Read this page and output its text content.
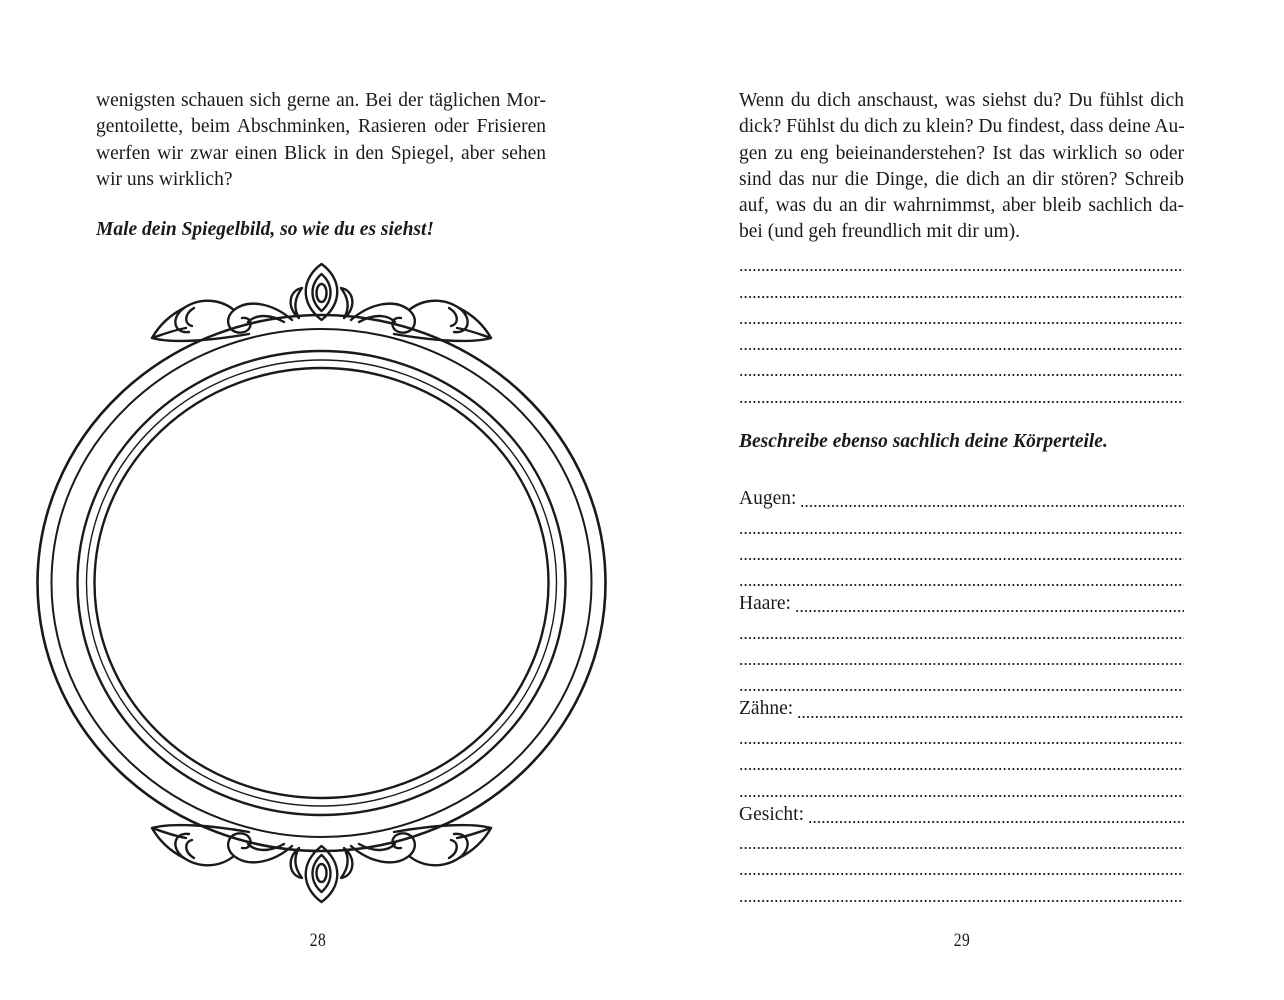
wenigsten schauen sich gerne an. Bei der täglichen Mor-
gentoilette, beim Abschminken, Rasieren oder Frisieren
werfen wir zwar einen Blick in den Spiegel, aber sehen
wir uns wirklich?

Male dein Spiegelbild, so wie du es siehst!

28

Wenn du dich anschaust, was siehst du? Du fühlst dich
dick? Fühlst du dich zu klein? Du findest, dass deine Au-
gen zu eng beieinanderstehen? Ist das wirklich so oder
sind das nur die Dinge, die dich an dir stören? Schreib
auf, was du an dir wahrnimmst, aber bleib sachlich da-
bei (und geh freundlich mit dir um).

Beschreibe ebenso sachlich deine Körperteile.

Augen:
Haare:
Zähne:
Gesicht:
29
